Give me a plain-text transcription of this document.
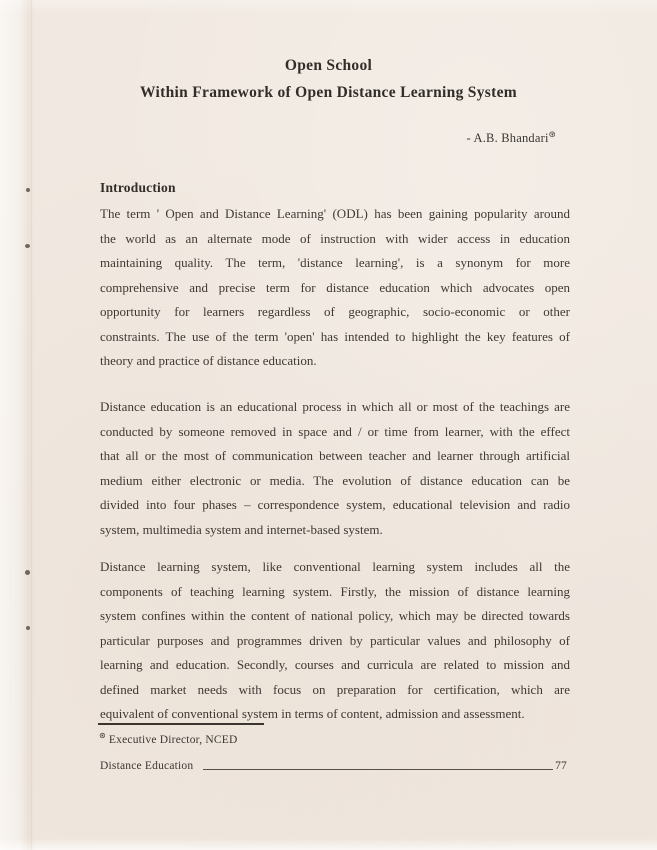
Open School
Within Framework of Open Distance Learning System
- A.B. Bhandari⊛
Introduction
The term ' Open and Distance Learning' (ODL) has been gaining popularity around
the world as an alternate mode of instruction with wider access in education
maintaining quality. The term, 'distance learning', is a synonym for more
comprehensive and precise term for distance education which advocates open
opportunity for learners regardless of geographic, socio-economic or other
constraints. The use of the term 'open' has intended to highlight the key features of
theory and practice of distance education.
Distance education is an educational process in which all or most of the teachings are
conducted by someone removed in space and / or time from learner, with the effect
that all or the most of communication between teacher and learner through artificial
medium either electronic or media. The evolution of distance education can be
divided into four phases – correspondence system, educational television and radio
system, multimedia system and internet-based system.
Distance learning system, like conventional learning system includes all the
components of teaching learning system. Firstly, the mission of distance learning
system confines within the content of national policy, which may be directed towards
particular purposes and programmes driven by particular values and philosophy of
learning and education. Secondly, courses and curricula are related to mission and
defined market needs with focus on preparation for certification, which are
equivalent of conventional system in terms of content, admission and assessment.
⊛ Executive Director, NCED
Distance Education	77
